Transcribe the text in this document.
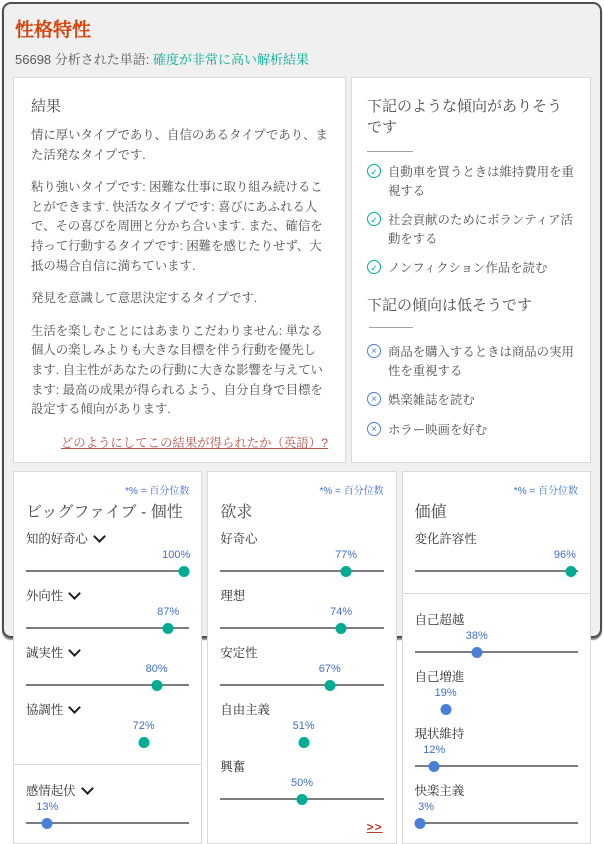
性格特性
56698 分析された単語: 確度が非常に高い解析結果
結果

情に厚いタイプであり、自信のあるタイプであり、また活発なタイプです.

粘り強いタイプです: 困難な仕事に取り組み続けることができます. 快活なタイプです: 喜びにあふれる人で、その喜びを周囲と分かち合います. また、確信を持って行動するタイプです: 困難を感じたりせず、大抵の場合自信に満ちています.

発見を意識して意思決定するタイプです.

生活を楽しむことにはあまりこだわりません: 単なる個人の楽しみよりも大きな目標を伴う行動を優先します. 自主性があなたの行動に大きな影響を与えています: 最高の成果が得られるよう、自分自身で目標を設定する傾向があります.

どのようにしてこの結果が得られたか（英語）?
下記のような傾向がありそうです
✓ 自動車を買うときは維持費用を重視する
✓ 社会貢献のためにボランティア活動をする
✓ ノンフィクション作品を読む
下記の傾向は低そうです
× 商品を購入するときは商品の実用性を重視する
× 娯楽雑誌を読む
× ホラー映画を好む
*% = 百分位数
ビッグファイブ - 個性
知的好奇心
100%
外向性
87%
誠実性
80%
協調性
72%
感情起伏
13%
*% = 百分位数
欲求
好奇心
77%
理想
74%
安定性
67%
自由主義
51%
興奮
50%
>>
*% = 百分位数
価値
変化許容性
96%
自己超越
38%
自己増進
19%
現状維持
12%
快楽主義
3%
